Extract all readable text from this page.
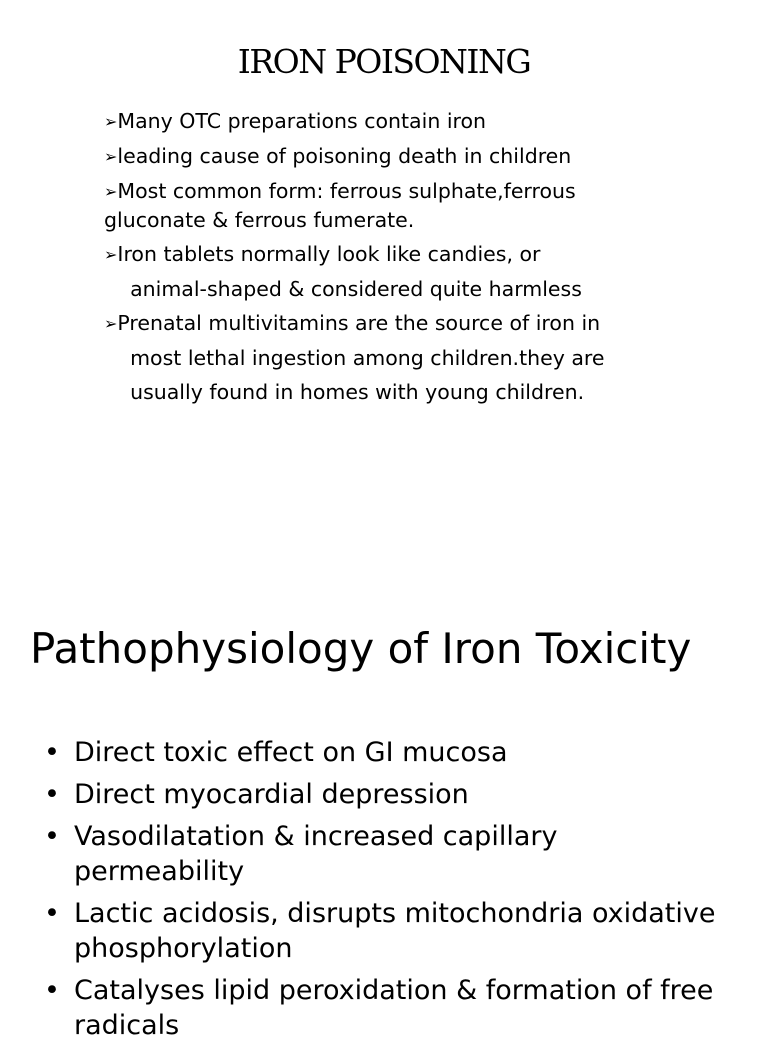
IRON POISONING

➢Many OTC preparations contain iron

➢leading cause of poisoning death in children

➢Most common form: ferrous sulphate,ferrous gluconate & ferrous fumerate.

➢Iron tablets normally look like candies, or

animal-shaped & considered quite harmless

➢Prenatal multivitamins are the source of iron in

most lethal ingestion among children.they are

usually found in homes with young children.

Pathophysiology of Iron Toxicity
• Direct toxic effect on GI mucosa
• Direct myocardial depression
• Vasodilatation & increased capillary permeability
• Lactic acidosis, disrupts mitochondria oxidative phosphorylation
• Catalyses lipid peroxidation & formation of free radicals
